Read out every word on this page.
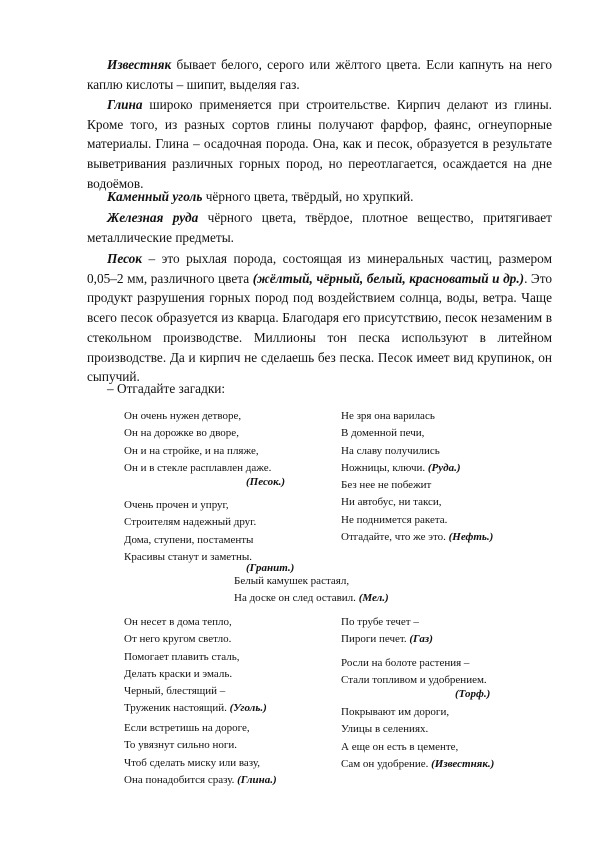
Известняк бывает белого, серого или жёлтого цвета. Если капнуть на него каплю кислоты – шипит, выделяя газ.

Глина широко применяется при строительстве. Кирпич делают из глины. Кроме того, из разных сортов глины получают фарфор, фаянс, огнеупорные материалы. Глина – осадочная порода. Она, как и песок, образуется в результате выветривания различных горных пород, но переотлагается, осаждается на дне водоёмов.

Каменный уголь чёрного цвета, твёрдый, но хрупкий.

Железная руда чёрного цвета, твёрдое, плотное вещество, притягивает металлические предметы.

Песок – это рыхлая порода, состоящая из минеральных частиц, размером 0,05–2 мм, различного цвета (жёлтый, чёрный, белый, красноватый и др.). Это продукт разрушения горных пород под воздействием солнца, воды, ветра. Чаще всего песок образуется из кварца. Благодаря его присутствию, песок незаменим в стекольном производстве. Миллионы тон песка используют в литейном производстве. Да и кирпич не сделаешь без песка. Песок имеет вид крупинок, он сыпучий.

– Отгадайте загадки:

Он очень нужен детворе,
Он на дорожке во дворе,
Он и на стройке, и на пляже,
Он и в стекле расплавлен даже.

(Песок.)

Не зря она варилась
В доменной печи,
На славу получились
Ножницы, ключи. (Руда.)
Без нее не побежит
Ни автобус, ни такси,
Не поднимется ракета.
Отгадайте, что же это. (Нефть.)
Очень прочен и упруг,
Строителям надежный друг.
Дома, ступени, постаменты
Красивы станут и заметны.

(Гранит.)

Белый камушек растаял,
На доске он след оставил. (Мел.)
Он несет в дома тепло,
От него кругом светло.
Помогает плавить сталь,
Делать краски и эмаль.
Черный, блестящий –
Труженик настоящий. (Уголь.)
По трубе течет –
Пироги печет. (Газ)
Росли на болоте растения –
Стали топливом и удобрением.

(Торф.)

Покрывают им дороги,
Улицы в селениях.
А еще он есть в цементе,
Сам он удобрение. (Известняк.)
Если встретишь на дороге,
То увязнут сильно ноги.
Чтоб сделать миску или вазу,
Она понадобится сразу. (Глина.)
